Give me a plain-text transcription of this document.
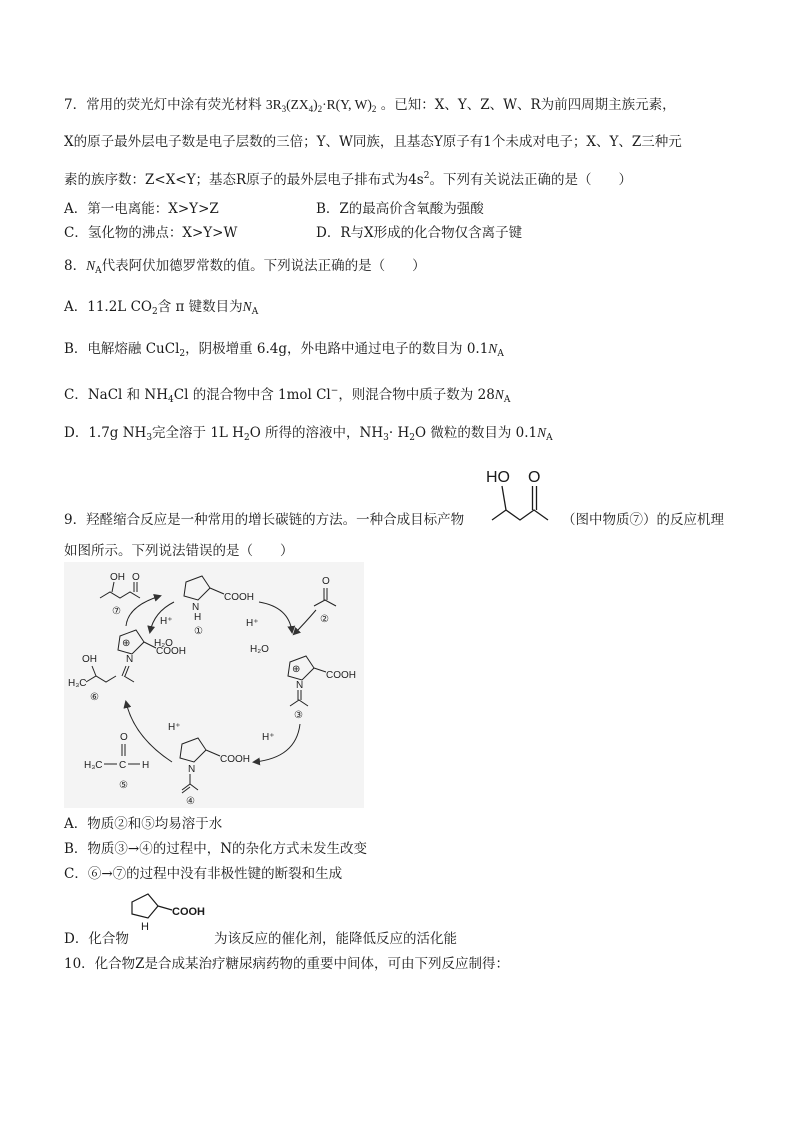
7．常用的荧光灯中涂有荧光材料 $3R_3(ZX_4)_2\cdot R(Y$, $W)_2$ 。已知：X、Y、Z、W、R为前四周期主族元素，
X的原子最外层电子数是电子层数的三倍；Y、W同族，且基态Y原子有1个未成对电子；X、Y、Z三种元
素的族序数：Z<X<Y；基态R原子的最外层电子排布式为$4s^2$。下列有关说法正确的是（　　）
A．第一电离能：X>Y>Z	B．Z的最高价含氧酸为强酸
C．氢化物的沸点：X>Y>W	D．R与X形成的化合物仅含离子键
8．$N_A$代表阿伏加德罗常数的值。下列说法正确的是（　　）
A．11.2L $CO_2$含 π 键数目为$N_A$
B．电解熔融 CuCl$_2$，阴极增重 6.4g，外电路中通过电子的数目为 $0.1N_A$
C．NaCl 和 $NH_4Cl$ 的混合物中含 1mol Cl−，则混合物中质子数为 $28N_A$
D．1.7g $NH_3$完全溶于 1L $H_2O$ 所得的溶液中，$NH_3\cdot H_2O$ 微粒的数目为 $0.1N_A$
9．羟醛缩合反应是一种常用的增长碳链的方法。一种合成目标产物
HO O
（图中物质⑦）的反应机理
如图所示。下列说法错误的是（　　）
OH O
⑦	N
H
COOH
①
O
②
H⁺
H₂O
⊕
N
COOH
③
H⁺
N
COOH
④
O
H₃C C H
⑤
H⁺
⊕
N
COOH
OH
H₃C
⑥
H⁺
H₂O
A．物质②和⑤均易溶于水
B．物质③→④的过程中，N的杂化方式未发生改变
C．⑥→⑦的过程中没有非极性键的断裂和生成
D．化合物
H
COOH
为该反应的催化剂，能降低反应的活化能
10．化合物Z是合成某治疗糖尿病药物的重要中间体，可由下列反应制得：
